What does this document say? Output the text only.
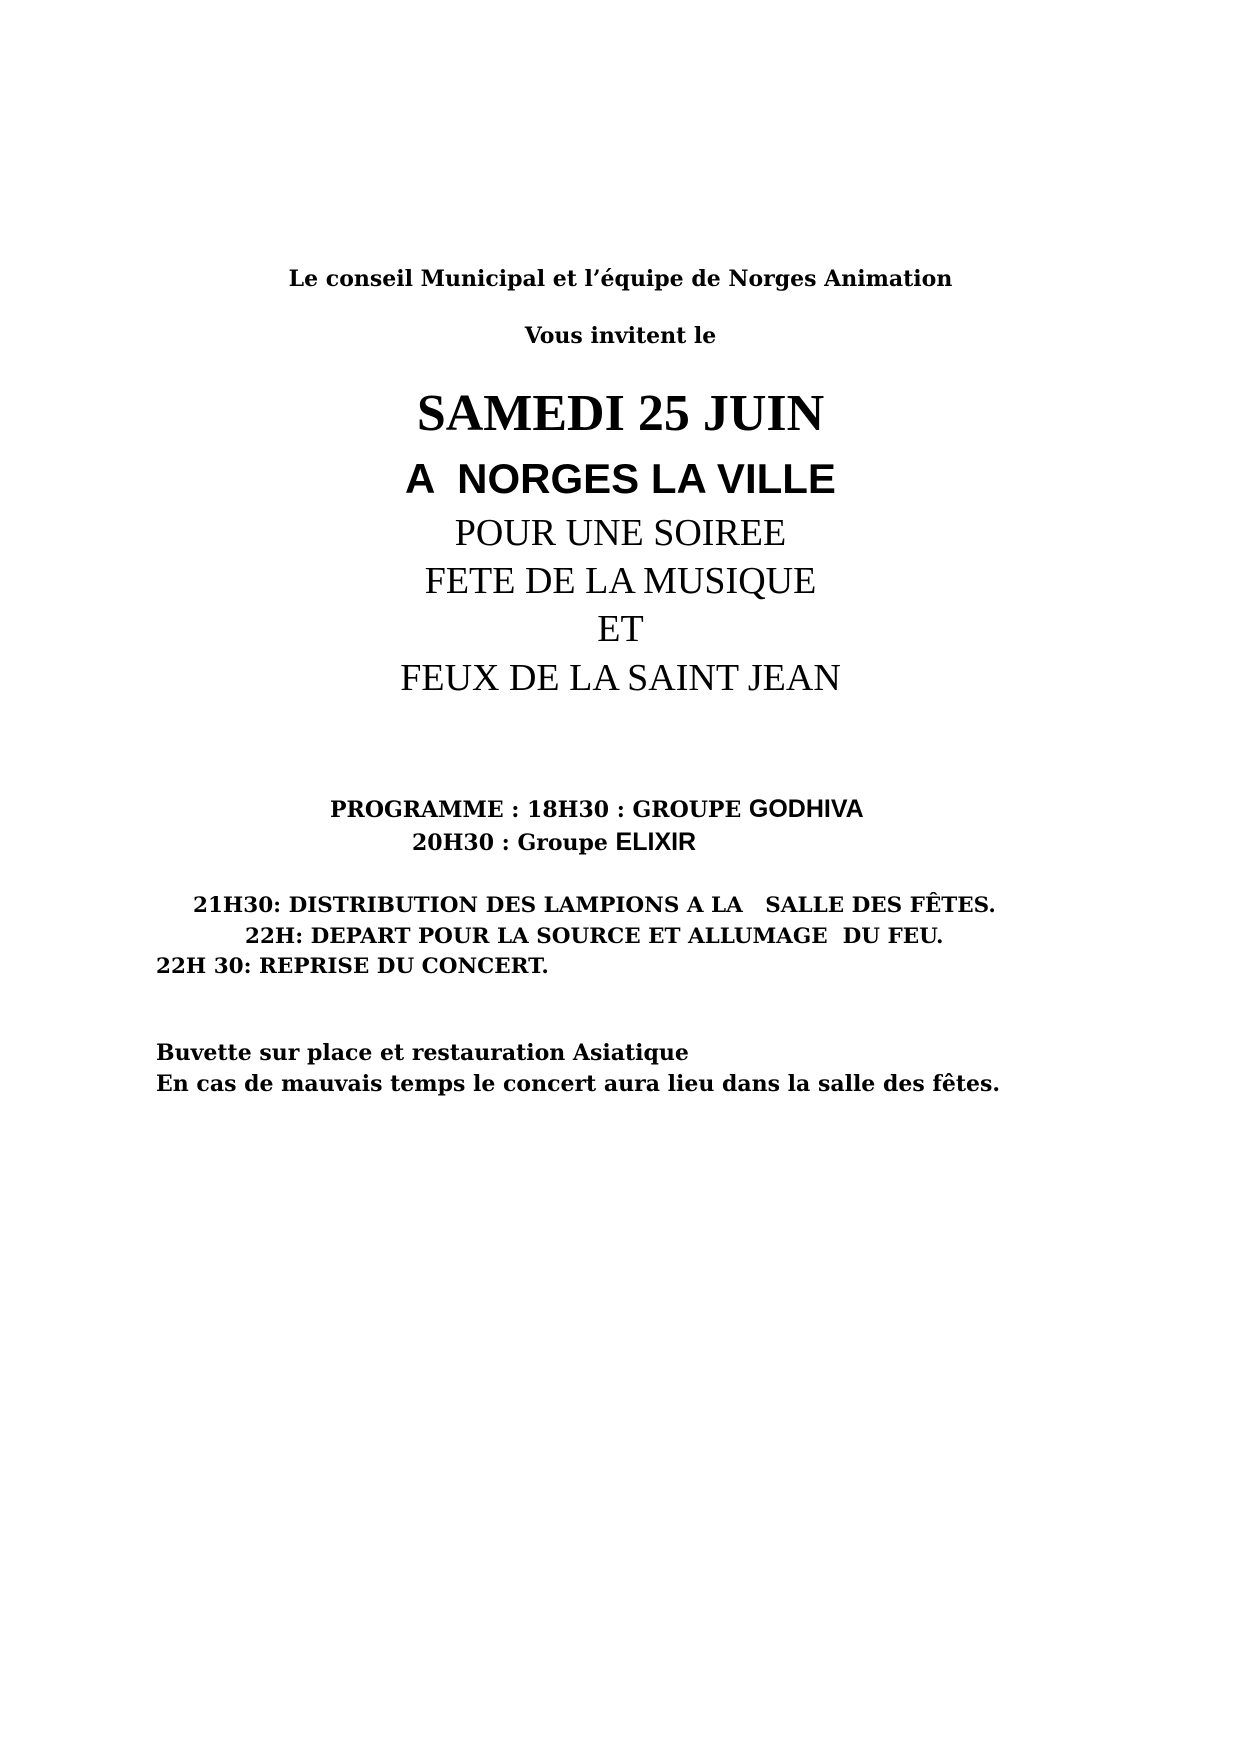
Le conseil Municipal et l’équipe de Norges Animation

Vous invitent le

SAMEDI 25 JUIN

A  NORGES LA VILLE

POUR UNE SOIREE

FETE DE LA MUSIQUE

ET

FEUX DE LA SAINT JEAN

PROGRAMME : 18H30 : GROUPE GODHIVA

20H30 : Groupe ELIXIR

21H30: DISTRIBUTION DES LAMPIONS A LA   SALLE DES FÊTES.

22H: DEPART POUR LA SOURCE ET ALLUMAGE  DU FEU.

22H 30: REPRISE DU CONCERT.

Buvette sur place et restauration Asiatique

En cas de mauvais temps le concert aura lieu dans la salle des fêtes.
